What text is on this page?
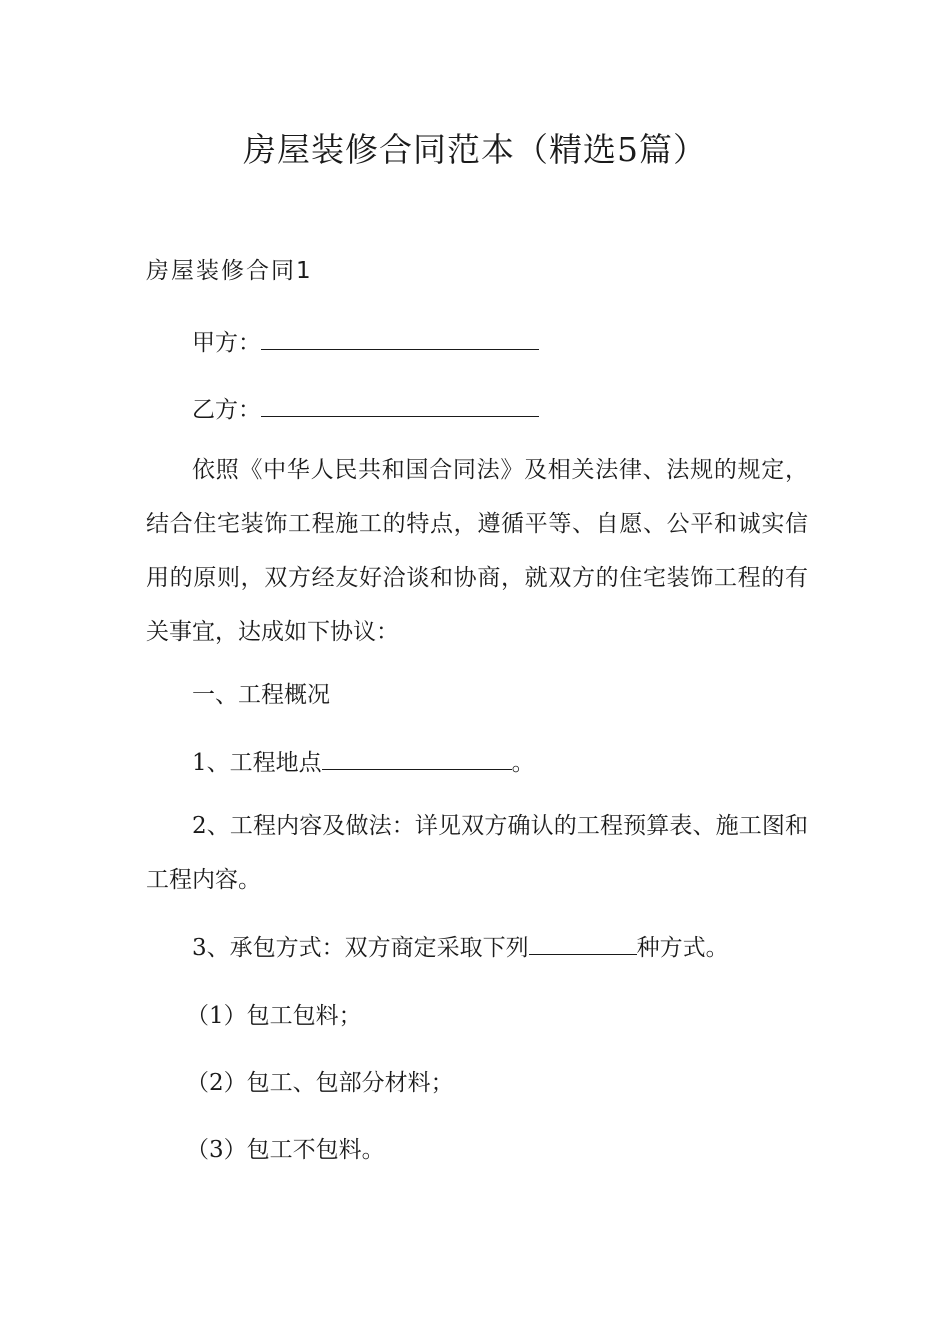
房屋装修合同范本（精选5篇）
房屋装修合同1
甲方：
乙方：
依照《中华人民共和国合同法》及相关法律、法规的规定，结合住宅装饰工程施工的特点，遵循平等、自愿、公平和诚实信用的原则，双方经友好洽谈和协商，就双方的住宅装饰工程的有关事宜，达成如下协议：
一、工程概况
1、工程地点	。
2、工程内容及做法：详见双方确认的工程预算表、施工图和工程内容。
3、承包方式：双方商定采取下列	种方式。
（1）包工包料；
（2）包工、包部分材料；
（3）包工不包料。
